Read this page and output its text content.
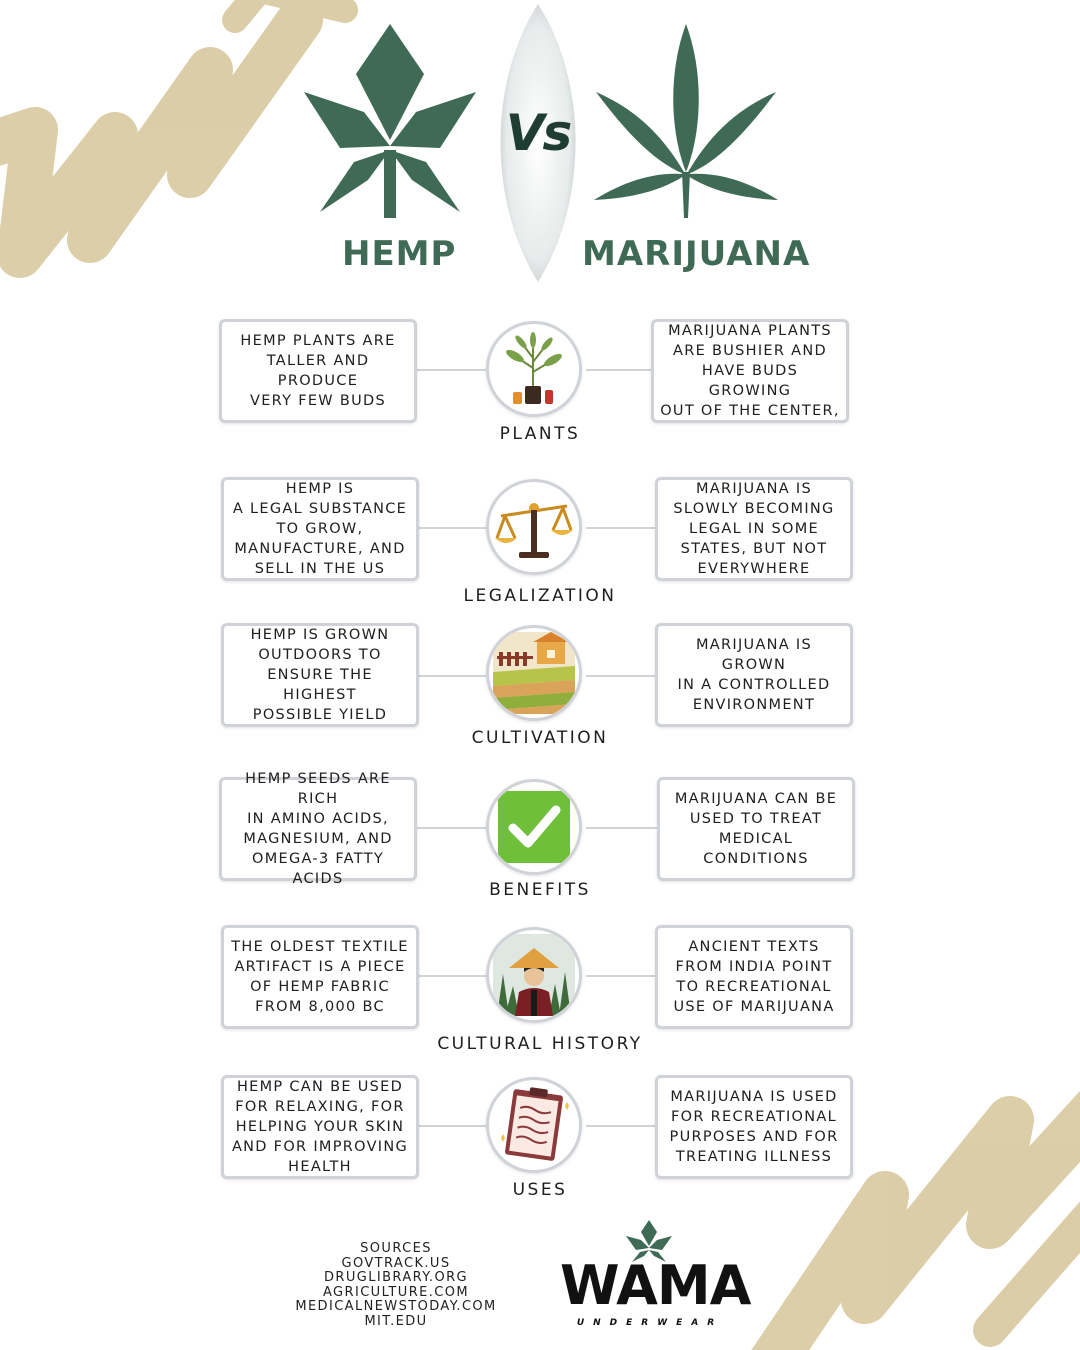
HEMP
Vs
MARIJUANA
HEMP PLANTS ARE
TALLER AND PRODUCE
VERY FEW BUDS
MARIJUANA PLANTS
ARE BUSHIER AND
HAVE BUDS GROWING
OUT OF THE CENTER,
PLANTS
HEMP IS
A LEGAL SUBSTANCE
TO GROW,
MANUFACTURE, AND
SELL IN THE US
MARIJUANA IS
SLOWLY BECOMING
LEGAL IN SOME
STATES, BUT NOT
EVERYWHERE
LEGALIZATION
HEMP IS GROWN
OUTDOORS TO
ENSURE THE HIGHEST
POSSIBLE YIELD
MARIJUANA IS GROWN
IN A CONTROLLED
ENVIRONMENT
CULTIVATION
HEMP SEEDS ARE RICH
IN AMINO ACIDS,
MAGNESIUM, AND
OMEGA-3 FATTY ACIDS
MARIJUANA CAN BE
USED TO TREAT
MEDICAL CONDITIONS
BENEFITS
THE OLDEST TEXTILE
ARTIFACT IS A PIECE
OF HEMP FABRIC
FROM 8,000 BC
ANCIENT TEXTS
FROM INDIA POINT
TO RECREATIONAL
USE OF MARIJUANA
CULTURAL HISTORY
HEMP CAN BE USED
FOR RELAXING, FOR
HELPING YOUR SKIN
AND FOR IMPROVING
HEALTH
MARIJUANA IS USED
FOR RECREATIONAL
PURPOSES AND FOR
TREATING ILLNESS
USES
SOURCES
GOVTRACK.US
DRUGLIBRARY.ORG
AGRICULTURE.COM
MEDICALNEWSTODAY.COM
MIT.EDU
WAMA
UNDERWEAR
